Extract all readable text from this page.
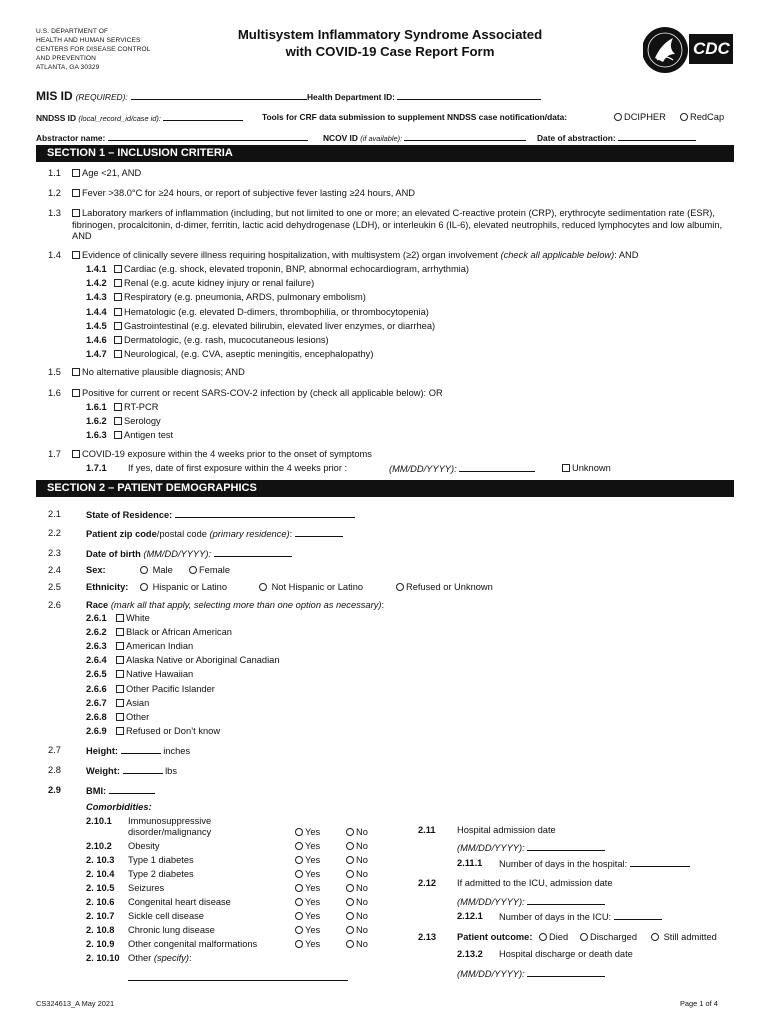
U.S. DEPARTMENT OF
HEALTH AND HUMAN SERVICES
CENTERS FOR DISEASE CONTROL
AND PREVENTION
ATLANTA, GA 30329
Multisystem Inflammatory Syndrome Associated
with COVID-19 Case Report Form	CDC
MIS ID (REQUIRED):	Health Department ID:
NNDSS ID (local_record_id/case id):	Tools for CRF data submission to supplement NNDSS case notification/data:	DCIPHER	RedCap
Abstractor name:	NCOV ID (if available):	Date of abstraction:
SECTION 1 – INCLUSION CRITERIA
1.1	Age <21, AND
1.2	Fever >38.0°C for ≥24 hours, or report of subjective fever lasting ≥24 hours, AND
1.3	Laboratory markers of inflammation (including, but not limited to one or more; an elevated C-reactive protein (CRP), erythrocyte sedimentation rate (ESR), fibrinogen, procalcitonin, d-dimer, ferritin, lactic acid dehydrogenase (LDH), or interleukin 6 (IL-6), elevated neutrophils, reduced lymphocytes and low albumin, AND
1.4	Evidence of clinically severe illness requiring hospitalization, with multisystem (≥2) organ involvement (check all applicable below): AND
1.4.1	Cardiac (e.g. shock, elevated troponin, BNP, abnormal echocardiogram, arrhythmia)
1.4.2	Renal (e.g. acute kidney injury or renal failure)
1.4.3	Respiratory (e.g. pneumonia, ARDS, pulmonary embolism)
1.4.4	Hematologic (e.g. elevated D-dimers, thrombophilia, or thrombocytopenia)
1.4.5	Gastrointestinal (e.g. elevated bilirubin, elevated liver enzymes, or diarrhea)
1.4.6	Dermatologic, (e.g. rash, mucocutaneous lesions)
1.4.7	Neurological, (e.g. CVA, aseptic meningitis, encephalopathy)
1.5	No alternative plausible diagnosis; AND
1.6	Positive for current or recent SARS-COV-2 infection by (check all applicable below): OR
1.6.1	RT-PCR
1.6.2	Serology
1.6.3	Antigen test
1.7	COVID-19 exposure within the 4 weeks prior to the onset of symptoms
1.7.1 If yes, date of first exposure within the 4 weeks prior :	(MM/DD/YYYY):	Unknown
SECTION 2 – PATIENT DEMOGRAPHICS
2.1	State of Residence:
2.2	Patient zip code/postal code (primary residence):
2.3	Date of birth (MM/DD/YYYY):
2.4	Sex:	Male	Female
2.5	Ethnicity:	Hispanic or Latino	Not Hispanic or Latino	Refused or Unknown
2.6	Race (mark all that apply, selecting more than one option as necessary):
2.6.1	White
2.6.2	Black or African American
2.6.3	American Indian
2.6.4	Alaska Native or Aboriginal Canadian
2.6.5	Native Hawaiian
2.6.6	Other Pacific Islander
2.6.7	Asian
2.6.8	Other
2.6.9	Refused or Don’t know
2.7	Height:	inches
2.8	Weight:	lbs
2.9	BMI:
Comorbidities:
2.10.1 Immunosuppressive
disorder/malignancy	Yes	No
2.10.2 Obesity	Yes	No
2. 10.3 Type 1 diabetes	Yes	No
2. 10.4 Type 2 diabetes	Yes	No
2. 10.5 Seizures	Yes	No
2. 10.6 Congenital heart disease	Yes	No
2. 10.7 Sickle cell disease	Yes	No
2. 10.8 Chronic lung disease	Yes	No
2. 10.9 Other congenital malformations	Yes	No
2. 10.10 Other (specify):
2.11 Hospital admission date
(MM/DD/YYYY):
2.11.1 Number of days in the hospital:
2.12 If admitted to the ICU, admission date
(MM/DD/YYYY):
2.12.1 Number of days in the ICU:
2.13 Patient outcome:	Died	Discharged	Still admitted
2.13.2 Hospital discharge or death date
(MM/DD/YYYY):
CS324613_A May 2021	Page 1 of 4
